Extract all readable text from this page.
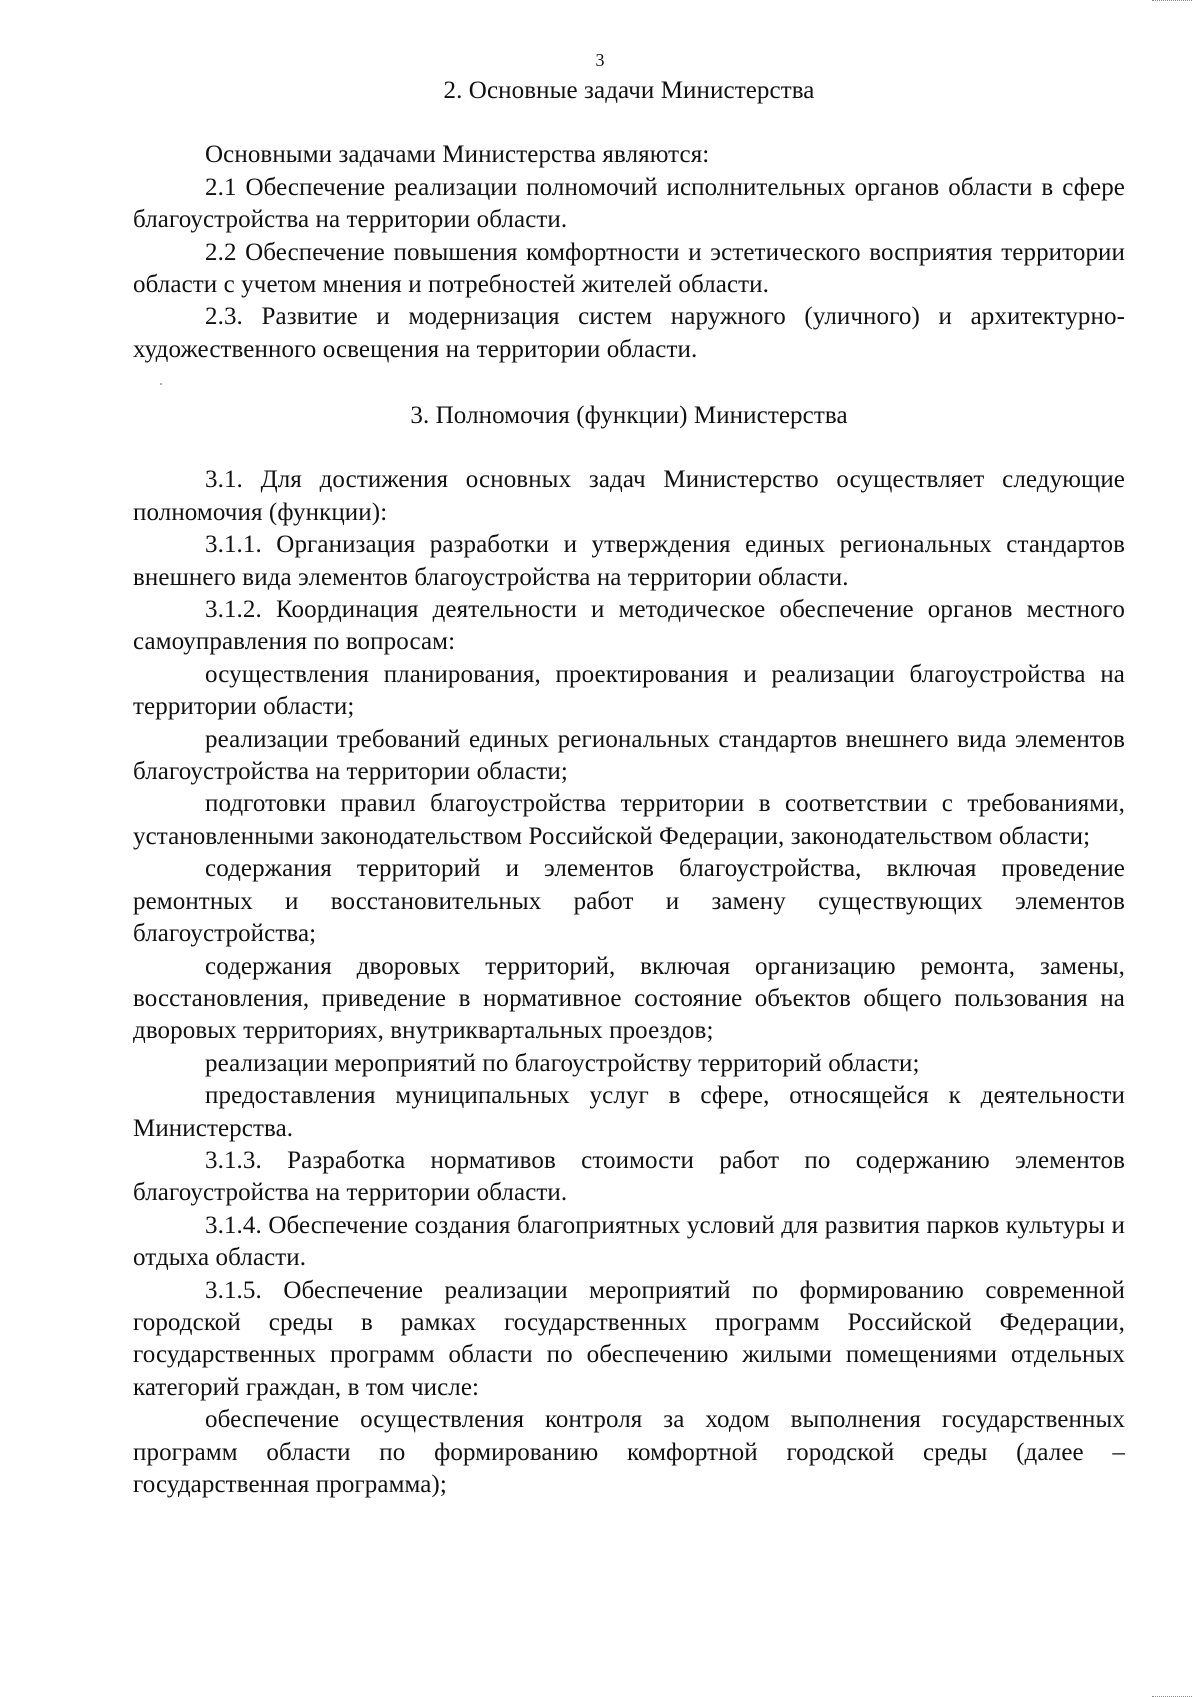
3
2. Основные задачи Министерства

Основными задачами Министерства являются:

2.1 Обеспечение реализации полномочий исполнительных органов области в сфере благоустройства на территории области.

2.2 Обеспечение повышения комфортности и эстетического восприятия территории области с учетом мнения и потребностей жителей области.

2.3. Развитие и модернизация систем наружного (уличного) и архитектурно-художественного освещения на территории области.

3. Полномочия (функции) Министерства

3.1. Для достижения основных задач Министерство осуществляет следующие полномочия (функции):

3.1.1. Организация разработки и утверждения единых региональных стандартов внешнего вида элементов благоустройства на территории области.

3.1.2. Координация деятельности и методическое обеспечение органов местного самоуправления по вопросам:

осуществления планирования, проектирования и реализации благоустройства на территории области;

реализации требований единых региональных стандартов внешнего вида элементов благоустройства на территории области;

подготовки правил благоустройства территории в соответствии с требованиями, установленными законодательством Российской Федерации, законодательством области;

содержания территорий и элементов благоустройства, включая проведение ремонтных и восстановительных работ и замену существующих элементов благоустройства;

содержания дворовых территорий, включая организацию ремонта, замены, восстановления, приведение в нормативное состояние объектов общего пользования на дворовых территориях, внутриквартальных проездов;

реализации мероприятий по благоустройству территорий области;

предоставления муниципальных услуг в сфере, относящейся к деятельности Министерства.

3.1.3. Разработка нормативов стоимости работ по содержанию элементов благоустройства на территории области.

3.1.4. Обеспечение создания благоприятных условий для развития парков культуры и отдыха области.

3.1.5. Обеспечение реализации мероприятий по формированию современной городской среды в рамках государственных программ Российской Федерации, государственных программ области по обеспечению жилыми помещениями отдельных категорий граждан, в том числе:

обеспечение осуществления контроля за ходом выполнения государственных программ области по формированию комфортной городской среды (далее – государственная программа);
